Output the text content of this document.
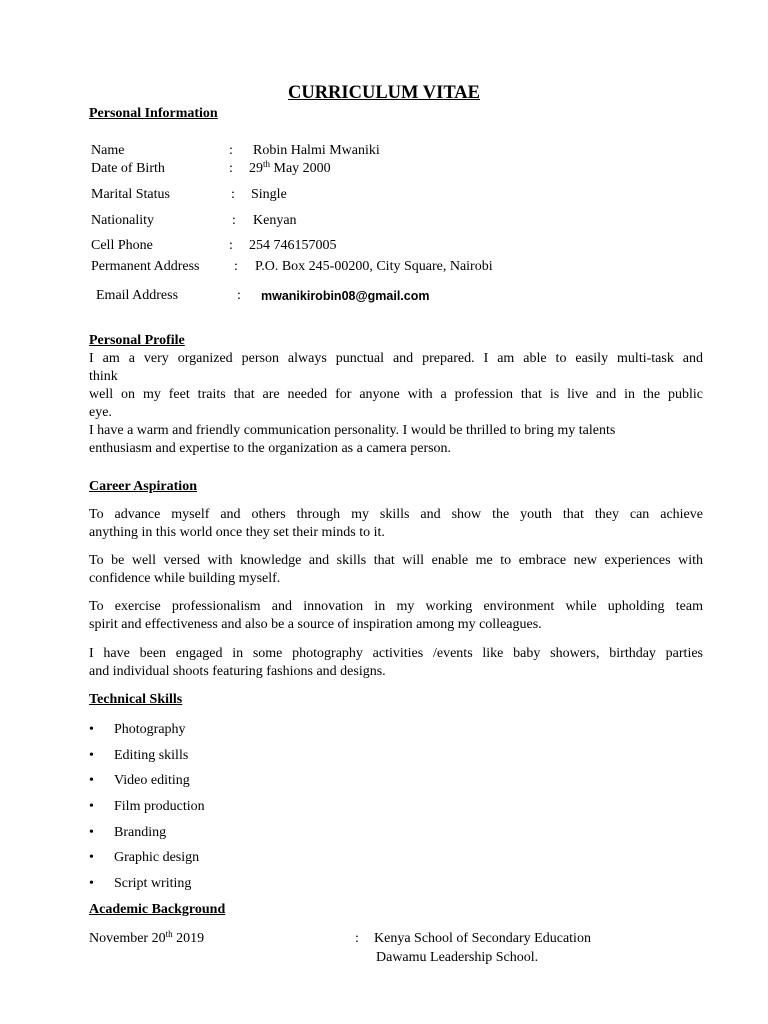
CURRICULUM VITAE
Personal Information
Name	: Robin Halmi Mwaniki
Date of Birth	: 29th May 2000
Marital Status	: Single
Nationality	: Kenyan
Cell Phone	: 254 746157005
Permanent Address : P.O. Box 245-00200, City Square, Nairobi
Email Address	: mwanikirobin08@gmail.com
Personal Profile
I am a very organized person always punctual and prepared. I am able to easily multi-task and
think
well on my feet traits that are needed for anyone with a profession that is live and in the public
eye.
I have a warm and friendly communication personality. I would be thrilled to bring my talents
enthusiasm and expertise to the organization as a camera person.
Career Aspiration
To advance myself and others through my skills and show the youth that they can achieve
anything in this world once they set their minds to it.
To be well versed with knowledge and skills that will enable me to embrace new experiences with
confidence while building myself.
To exercise professionalism and innovation in my working environment while upholding team
spirit and effectiveness and also be a source of inspiration among my colleagues.
I have been engaged in some photography activities /events like baby showers, birthday parties
and individual shoots featuring fashions and designs.
Technical Skills
• Photography
• Editing skills
• Video editing
• Film production
• Branding
• Graphic design
• Script writing
Academic Background
November 20th 2019	: Kenya School of Secondary Education
Dawamu Leadership School.
